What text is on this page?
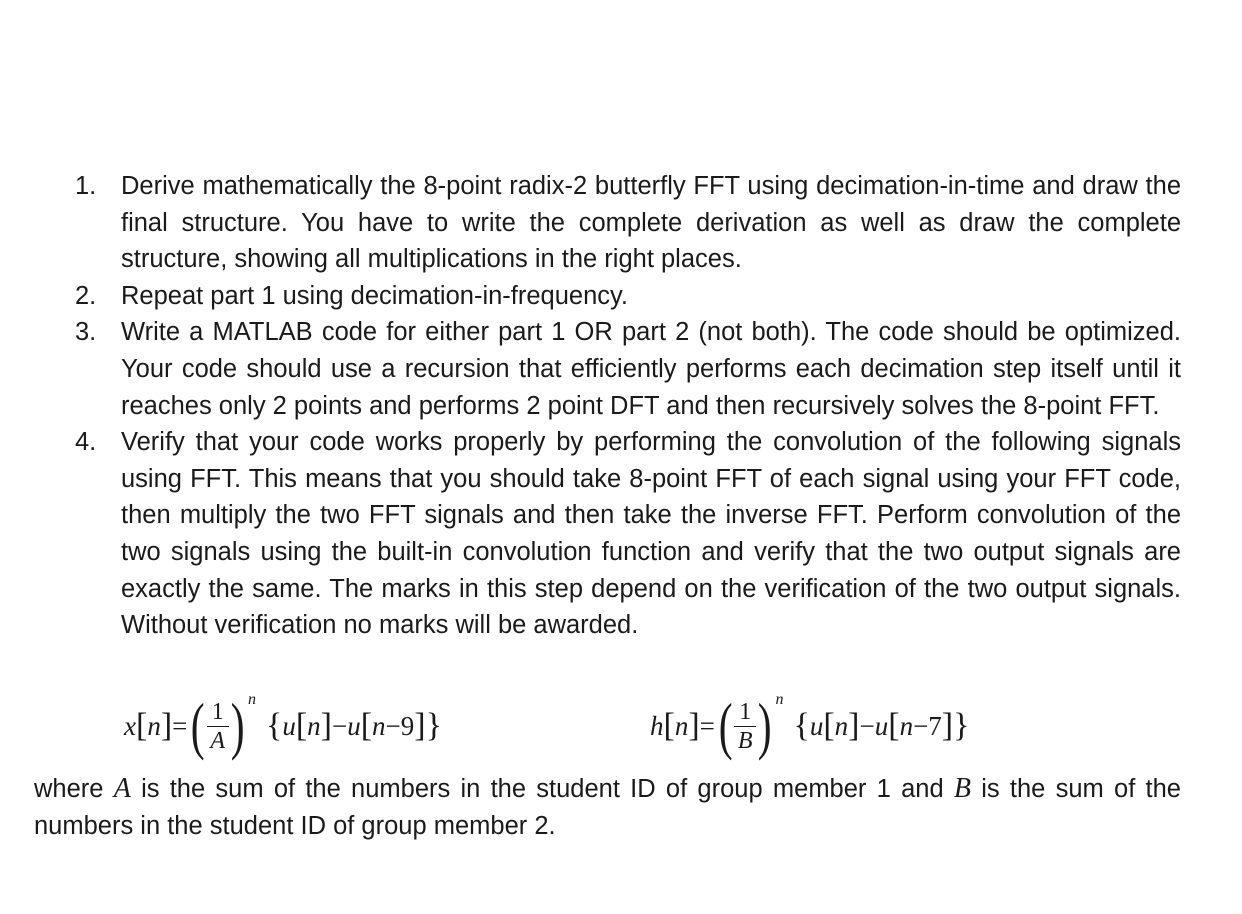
1. Derive mathematically the 8-point radix-2 butterfly FFT using decimation-in-time and draw the final structure. You have to write the complete derivation as well as draw the complete structure, showing all multiplications in the right places.
2. Repeat part 1 using decimation-in-frequency.
3. Write a MATLAB code for either part 1 OR part 2 (not both). The code should be optimized. Your code should use a recursion that efficiently performs each decimation step itself until it reaches only 2 points and performs 2 point DFT and then recursively solves the 8-point FFT.
4. Verify that your code works properly by performing the convolution of the following signals using FFT. This means that you should take 8-point FFT of each signal using your FFT code, then multiply the two FFT signals and then take the inverse FFT. Perform convolution of the two signals using the built-in convolution function and verify that the two output signals are exactly the same. The marks in this step depend on the verification of the two output signals. Without verification no marks will be awarded.
x [ n ] = ( $\frac{1}{A}$ ) n
{ u [ n ] − u [ n − 9 ] }	h [ n ] = ( $\frac{1}{B}$ ) n
{ u [ n ] − u [ n − 7 ] }

where A is the sum of the numbers in the student ID of group member 1 and B is the sum of the numbers in the student ID of group member 2.
